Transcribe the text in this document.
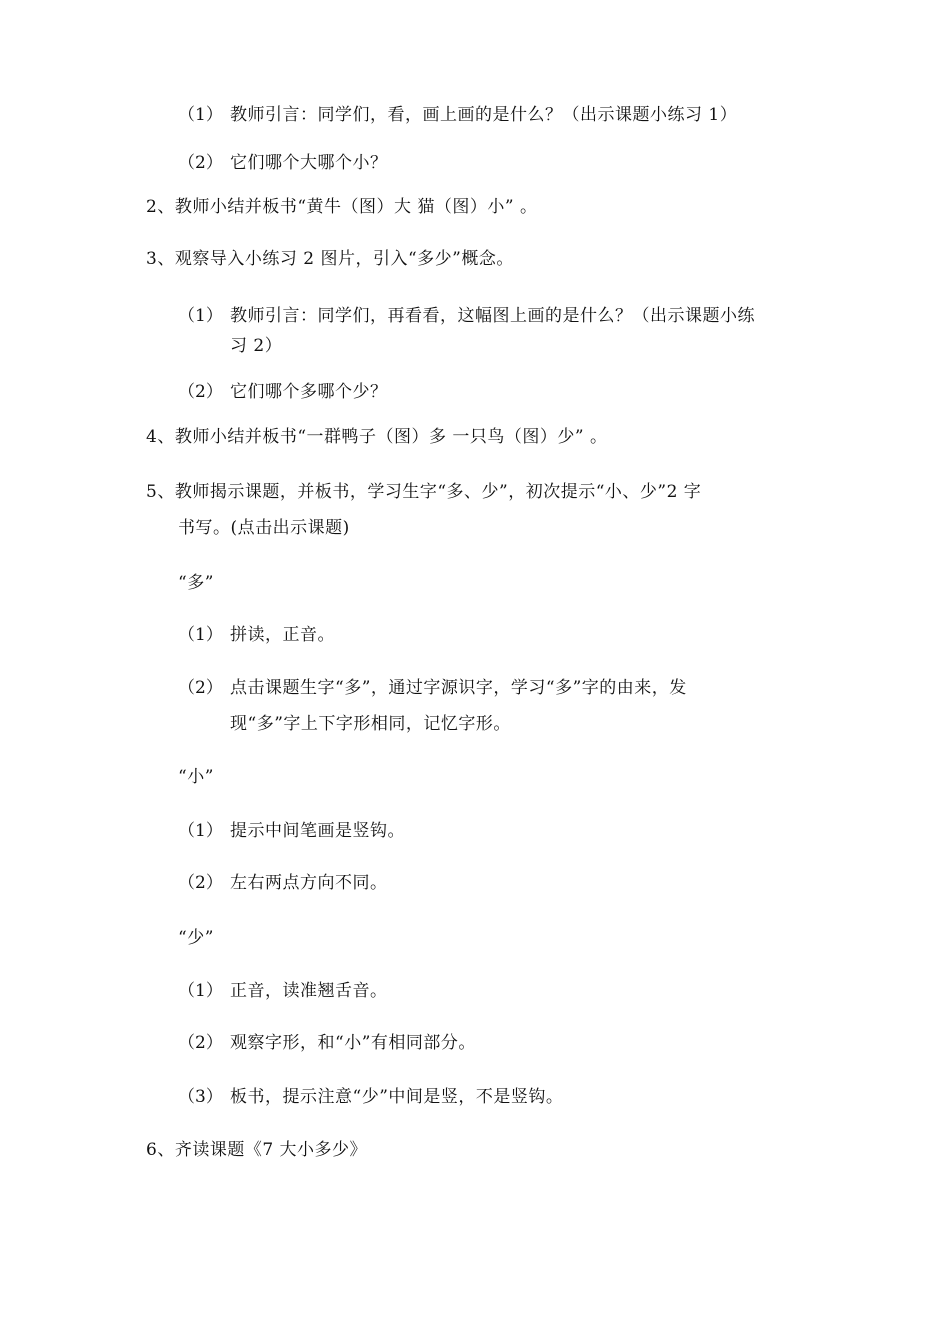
（1） 教师引言：同学们，看，画上画的是什么？（出示课题小练习 1）
（2） 它们哪个大哪个小？
2、教师小结并板书“黄牛（图）大 猫（图）小” 。
3、观察导入小练习 2 图片，引入“多少”概念。
（1） 教师引言：同学们，再看看，这幅图上画的是什么？（出示课题小练
习 2）
（2） 它们哪个多哪个少？
4、教师小结并板书“一群鸭子（图）多 一只鸟（图）少” 。
5、教师揭示课题，并板书，学习生字“多、少”，初次提示“小、少”2 字
书写。(点击出示课题)
“多”
（1） 拼读，正音。
（2） 点击课题生字“多”，通过字源识字，学习“多”字的由来，发
现“多”字上下字形相同，记忆字形。
“小”
（1） 提示中间笔画是竖钩。
（2） 左右两点方向不同。
“少”
（1） 正音，读准翘舌音。
（2） 观察字形，和“小”有相同部分。
（3） 板书，提示注意“少”中间是竖，不是竖钩。
6、齐读课题《7 大小多少》
